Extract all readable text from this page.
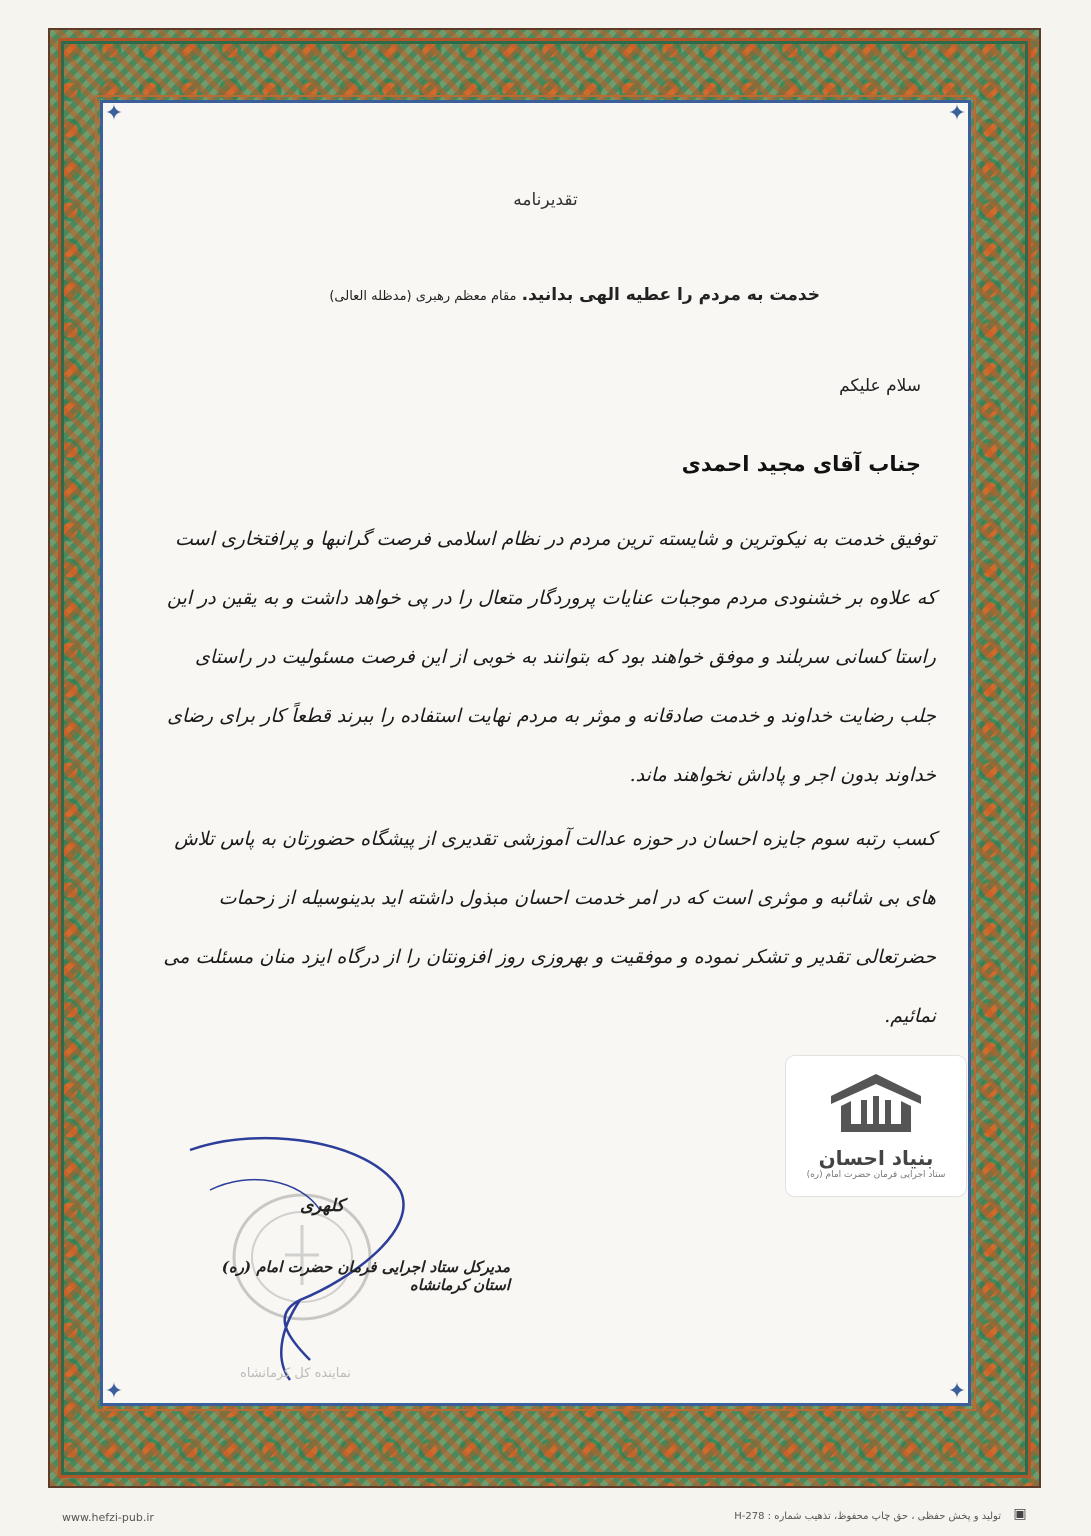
✦	✦
✦	✦
تقدیرنامه
خدمت به مردم را عطیه الهی بدانید. مقام معظم رهبری (مدظله العالی)
سلام علیکم
جناب آقای مجید احمدی
توفیق خدمت به نیکوترین و شایسته ترین مردم در نظام اسلامی فرصت گرانبها و پرافتخاری است که علاوه بر خشنودی مردم موجبات عنایات پروردگار متعال را در پی خواهد داشت و به یقین در این راستا کسانی سربلند و موفق خواهند بود که بتوانند به خوبی از این فرصت مسئولیت در راستای جلب رضایت خداوند و خدمت صادقانه و موثر به مردم نهایت استفاده را ببرند قطعاً کار برای رضای خداوند بدون اجر و پاداش نخواهند ماند.
کسب رتبه سوم جایزه احسان در حوزه عدالت آموزشی تقدیری از پیشگاه حضورتان به پاس تلاش های بی شائبه و موثری است که در امر خدمت احسان مبذول داشته اید بدینوسیله از زحمات حضرتعالی تقدیر و تشکر نموده و موفقیت و بهروزی روز افزونتان را از درگاه ایزد منان مسئلت می نمائیم.
بنیاد احسان
ستاد اجرایی فرمان حضرت امام (ره)
کلهری
مدیرکل ستاد اجرایی فرمان حضرت امام (ره) استان کرمانشاه
نماینده کل کرمانشاه
www.hefzi-pub.ir	تولید و پخش حفظی ، حق چاپ محفوظ، تذهیب شماره : H-278 ▣
